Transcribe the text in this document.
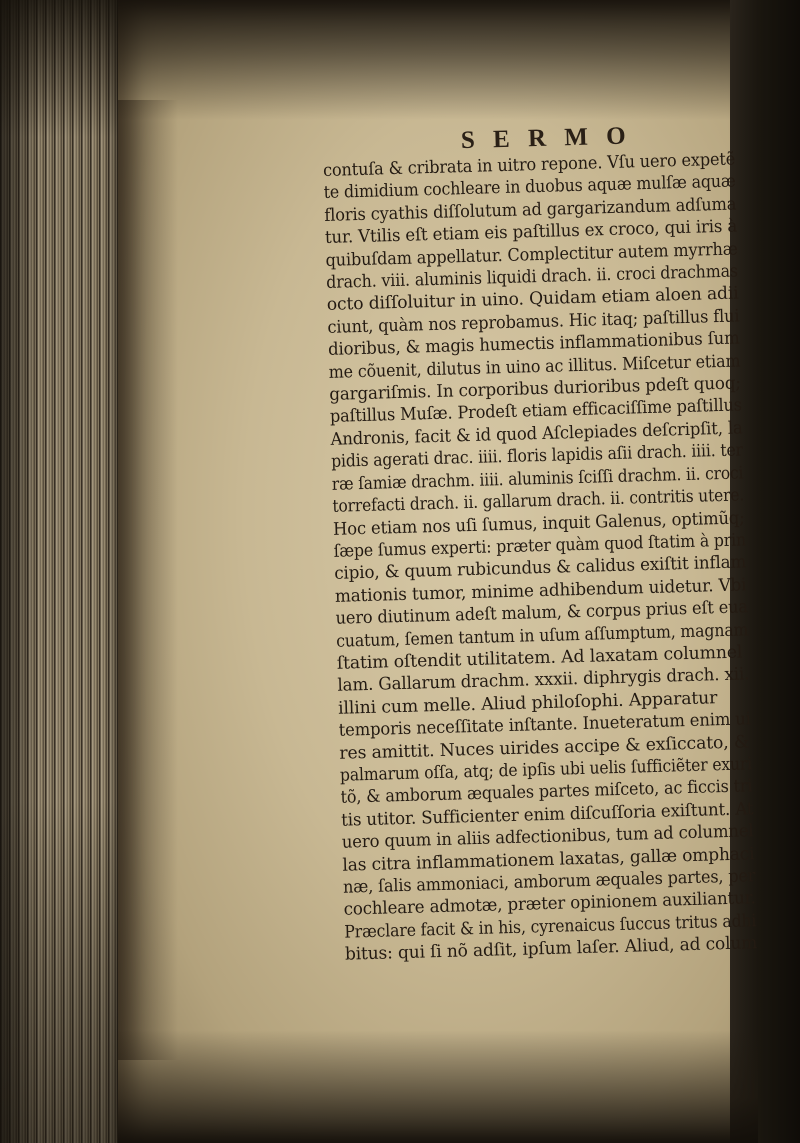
S E R M O
contuſa & cribrata in uitro repone. Vſu uero expetẽ
te dimidium cochleare in duobus aquæ mulſæ aquæ
floris cyathis diſſolutum ad gargarizandum adſuma
tur. Vtilis eſt etiam eis paſtillus ex croco, qui iris à
quibuſdam appellatur. Complectitur autem myrrhæ
drach. viii. aluminis liquidi drach. ii. croci drachmas
octo diſſoluitur in uino. Quidam etiam aloen adii
ciunt, quàm nos reprobamus. Hic itaq; paſtillus flui
dioribus, & magis humectis inflammationibus ſum
me cõuenit, dilutus in uino ac illitus. Miſcetur etiam
gargariſmis. In corporibus durioribus pdeſt quoq;
paſtillus Muſæ. Prodeſt etiam efficaciſſime paſtillus
Andronis, facit & id quod Aſclepiades deſcripſit, la
pidis agerati drac. iiii. floris lapidis aſii drach. iiii. ter
ræ ſamiæ drachm. iiii. aluminis ſciſſi drachm. ii. croci
torrefacti drach. ii. gallarum drach. ii. contritis utere.
Hoc etiam nos uſi ſumus, inquit Galenus, optimũq;
ſæpe ſumus experti: præter quàm quod ſtatim à prin
cipio, & quum rubicundus & calidus exiſtit inflam
mationis tumor, minime adhibendum uidetur. Vbi
uero diutinum adeſt malum, & corpus prius eſt eua
cuatum, ſemen tantum in uſum aſſumptum, magnam
ſtatim oſtendit utilitatem. Ad laxatam columnel
lam. Gallarum drachm. xxxii. diphrygis drach. xii.
illini cum melle. Aliud philoſophi. Apparatur
temporis neceſſitate inſtante. Inueteratum enim ui
res amittit. Nuces uirides accipe & exſiccato, &
palmarum oſſa, atq; de ipſis ubi uelis ſufficiẽter exuri
tõ, & amborum æquales partes miſceto, ac ficcis tri
tis utitor. Sufficienter enim diſcuſſoria exiſtunt. At
uero quum in aliis adfectionibus, tum ad columnel
las citra inflammationem laxatas, gallæ omphaci
næ, ſalis ammoniaci, amborum æquales partes, per
cochleare admotæ, præter opinionem auxiliantur.
Præclare facit & in his, cyrenaicus ſuccus tritus adhi
bitus: qui ſi nõ adſit, ipſum laſer. Aliud, ad colum
